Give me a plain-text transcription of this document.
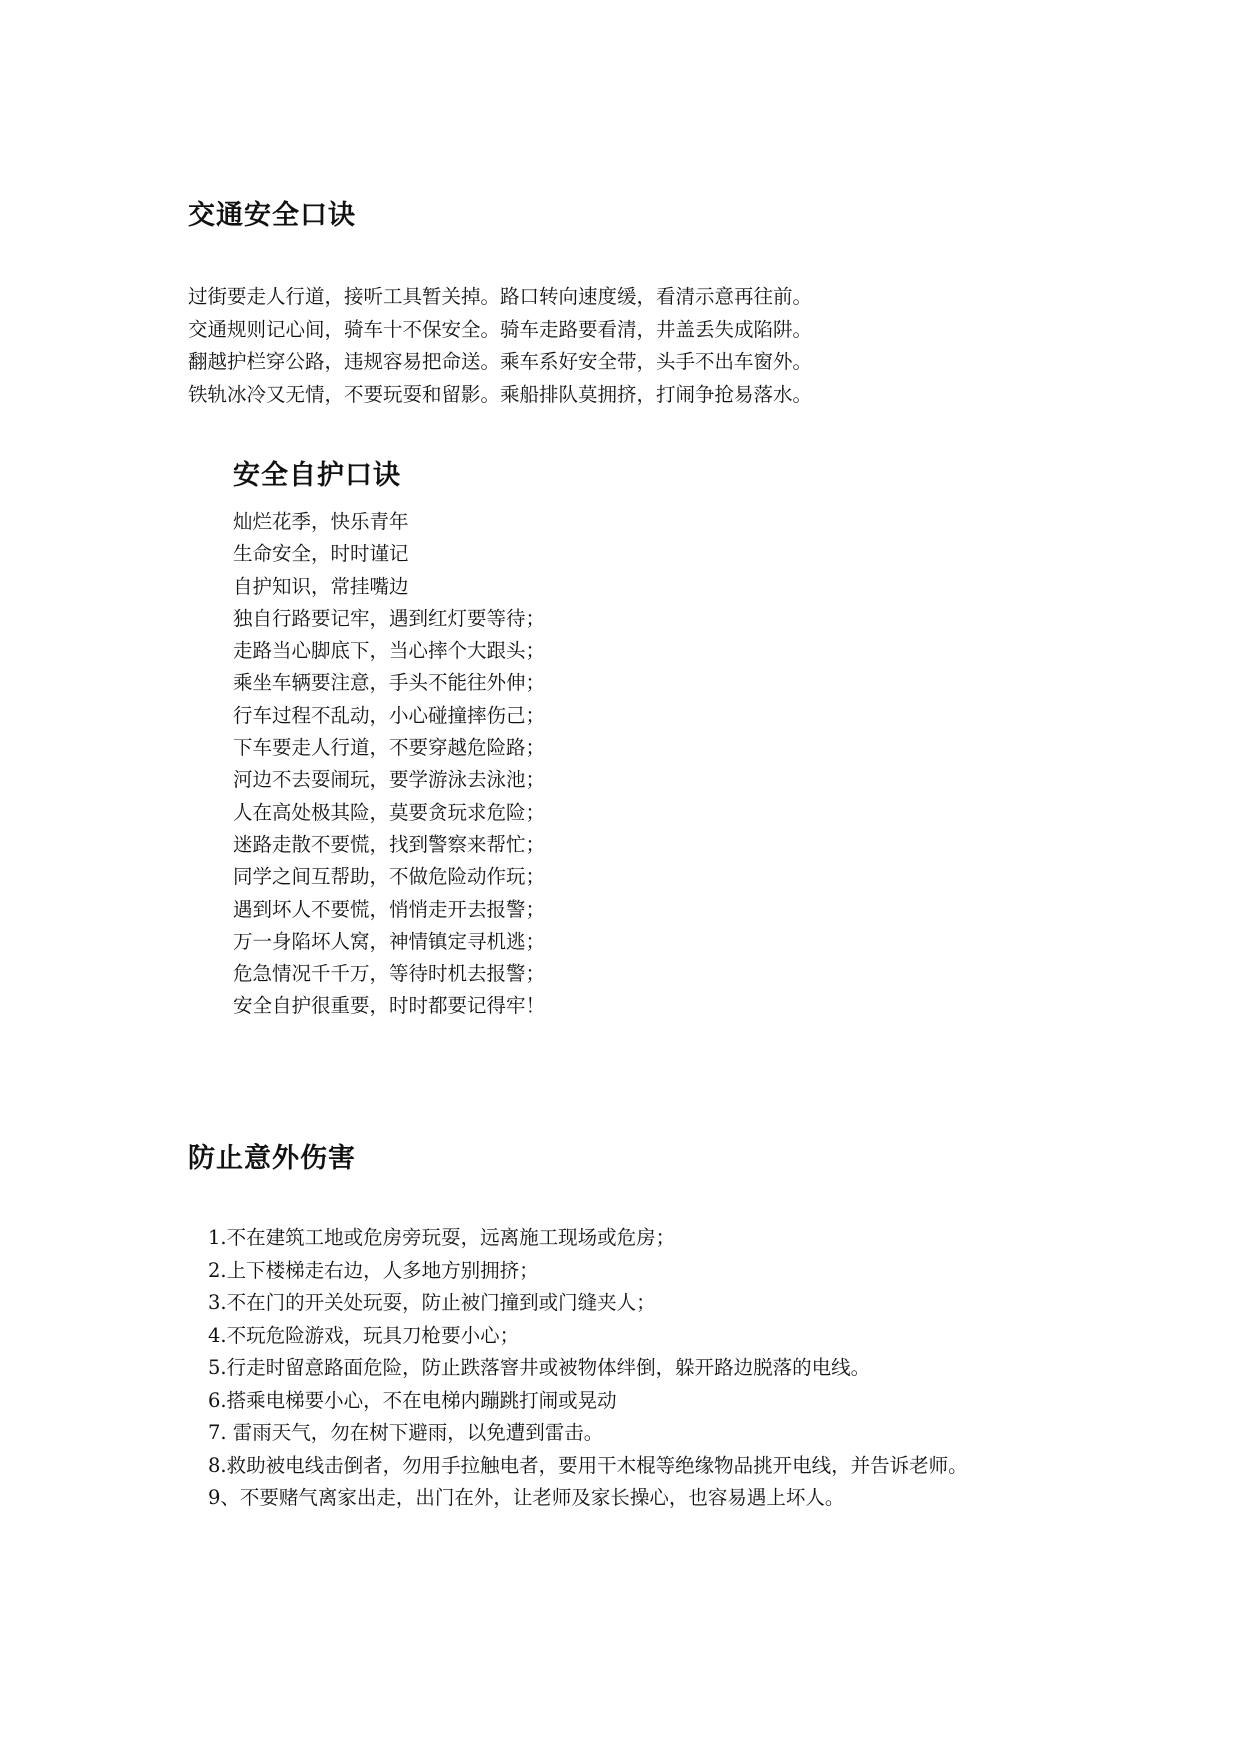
交通安全口诀
过街要走人行道，接听工具暂关掉。路口转向速度缓，看清示意再往前。
交通规则记心间，骑车十不保安全。骑车走路要看清，井盖丢失成陷阱。
翻越护栏穿公路，违规容易把命送。乘车系好安全带，头手不出车窗外。
铁轨冰冷又无情，不要玩耍和留影。乘船排队莫拥挤，打闹争抢易落水。
安全自护口诀
灿烂花季，快乐青年
生命安全，时时谨记
自护知识，常挂嘴边
独自行路要记牢，遇到红灯要等待；
走路当心脚底下，当心摔个大跟头；
乘坐车辆要注意，手头不能往外伸；
行车过程不乱动，小心碰撞摔伤己；
下车要走人行道，不要穿越危险路；
河边不去耍闹玩，要学游泳去泳池；
人在高处极其险，莫要贪玩求危险；
迷路走散不要慌，找到警察来帮忙；
同学之间互帮助，不做危险动作玩；
遇到坏人不要慌，悄悄走开去报警；
万一身陷坏人窝，神情镇定寻机逃；
危急情况千千万，等待时机去报警；
安全自护很重要，时时都要记得牢！
防止意外伤害
1.不在建筑工地或危房旁玩耍，远离施工现场或危房；
2.上下楼梯走右边，人多地方别拥挤；
3.不在门的开关处玩耍，防止被门撞到或门缝夹人；
4.不玩危险游戏，玩具刀枪要小心；
5.行走时留意路面危险，防止跌落窨井或被物体绊倒，躲开路边脱落的电线。
6.搭乘电梯要小心，不在电梯内蹦跳打闹或晃动
7. 雷雨天气，勿在树下避雨，以免遭到雷击。
8.救助被电线击倒者，勿用手拉触电者，要用干木棍等绝缘物品挑开电线，并告诉老师。
9、不要赌气离家出走，出门在外，让老师及家长操心，也容易遇上坏人。
